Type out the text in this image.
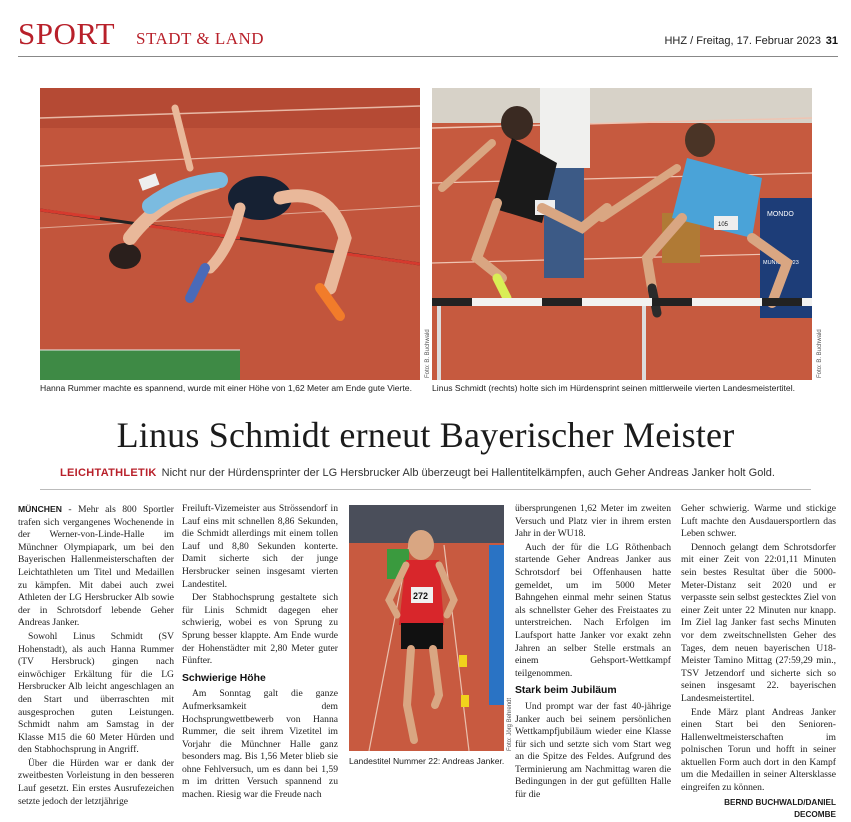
SPORT STADT & LAND	HHZ / Freitag, 17. Februar 2023 31
Foto: B. Buchwald
Hanna Rummer machte es spannend, wurde mit einer Höhe von 1,62 Meter am Ende gute Vierte.
MONDO
MUNICH 2023
202
105
Foto: B. Buchwald
Linus Schmidt (rechts) holte sich im Hürdensprint seinen mittlerweile vierten Landesmeistertitel.
Linus Schmidt erneut Bayerischer Meister
LEICHTATHLETIK Nicht nur der Hürdensprinter der LG Hersbrucker Alb überzeugt bei Hallentitelkämpfen, auch Geher Andreas Janker holt Gold.

MÜNCHEN - Mehr als 800 Sportler trafen sich vergangenes Wochenende in der Werner-von-Linde-Halle im Münchner Olympiapark, um bei den Bayerischen Hallenmeisterschaften der Leichtathleten um Titel und Medaillen zu kämpfen. Mit dabei auch zwei Athleten der LG Hersbrucker Alb sowie der in Schrotsdorf lebende Geher Andreas Janker.

Sowohl Linus Schmidt (SV Hohenstadt), als auch Hanna Rummer (TV Hersbruck) gingen nach einwöchiger Erkältung für die LG Hersbrucker Alb leicht angeschlagen an den Start und überraschten mit ausgesprochen guten Leistungen. Schmidt nahm am Samstag in der Klasse M15 die 60 Meter Hürden und den Stabhochsprung in Angriff.

Über die Hürden war er dank der zweitbesten Vorleistung in den besseren Lauf gesetzt. Ein erstes Ausrufezeichen setzte jedoch der letztjährige

Freiluft-Vizemeister aus Strössendorf in Lauf eins mit schnellen 8,86 Sekunden, die Schmidt allerdings mit einem tollen Lauf und 8,80 Sekunden konterte. Damit sicherte sich der junge Hersbrucker seinen insgesamt vierten Landestitel.

Der Stabhochsprung gestaltete sich für Linis Schmidt dagegen eher schwierig, wobei es von Sprung zu Sprung besser klappte. Am Ende wurde der Hohenstädter mit 2,80 Meter guter Fünfter.

Schwierige Höhe

Am Sonntag galt die ganze Aufmerksamkeit dem Hochsprungwettbewerb von Hanna Rummer, die seit ihrem Vizetitel im Vorjahr die Münchner Halle ganz besonders mag. Bis 1,56 Meter blieb sie ohne Fehlversuch, um es dann bei 1,59 m im dritten Versuch spannend zu machen. Riesig war die Freude nach

272
Foto: Jörg Behrendt
Landestitel Nummer 22: Andreas Janker.

übersprungenen 1,62 Meter im zweiten Versuch und Platz vier in ihrem ersten Jahr in der WU18.

Auch der für die LG Röthenbach startende Geher Andreas Janker aus Schrotsdorf bei Offenhausen hatte gemeldet, um im 5000 Meter Bahngehen einmal mehr seinen Status als schnellster Geher des Freistaates zu unterstreichen. Nach Erfolgen im Laufsport hatte Janker vor exakt zehn Jahren an selber Stelle erstmals an einem Gehsport-Wettkampf teilgenommen.

Stark beim Jubiläum

Und prompt war der fast 40-jährige Janker auch bei seinem persönlichen Wettkampfjubiläum wieder eine Klasse für sich und setzte sich vom Start weg an die Spitze des Feldes. Aufgrund des Terminierung am Nachmittag waren die Bedingungen in der gut gefüllten Halle für die

Geher schwierig. Warme und stickige Luft machte den Ausdauersportlern das Leben schwer.

Dennoch gelangt dem Schrotsdorfer mit einer Zeit von 22:01,11 Minuten sein bestes Resultat über die 5000-Meter-Distanz seit 2020 und er verpasste sein selbst gestecktes Ziel von einer Zeit unter 22 Minuten nur knapp. Im Ziel lag Janker fast sechs Minuten vor dem zweitschnellsten Geher des Tages, dem neuen bayerischen U18-Meister Tamino Mittag (27:59,29 min., TSV Jetzendorf und sicherte sich so seinen insgesamt 22. bayerischen Landesmeistertitel.

Ende März plant Andreas Janker einen Start bei den Senioren-Hallenweltmeisterschaften im polnischen Torun und hofft in seiner aktuellen Form auch dort in den Kampf um die Medaillen in seiner Altersklasse eingreifen zu können.

BERND BUCHWALD/DANIEL DECOMBE
